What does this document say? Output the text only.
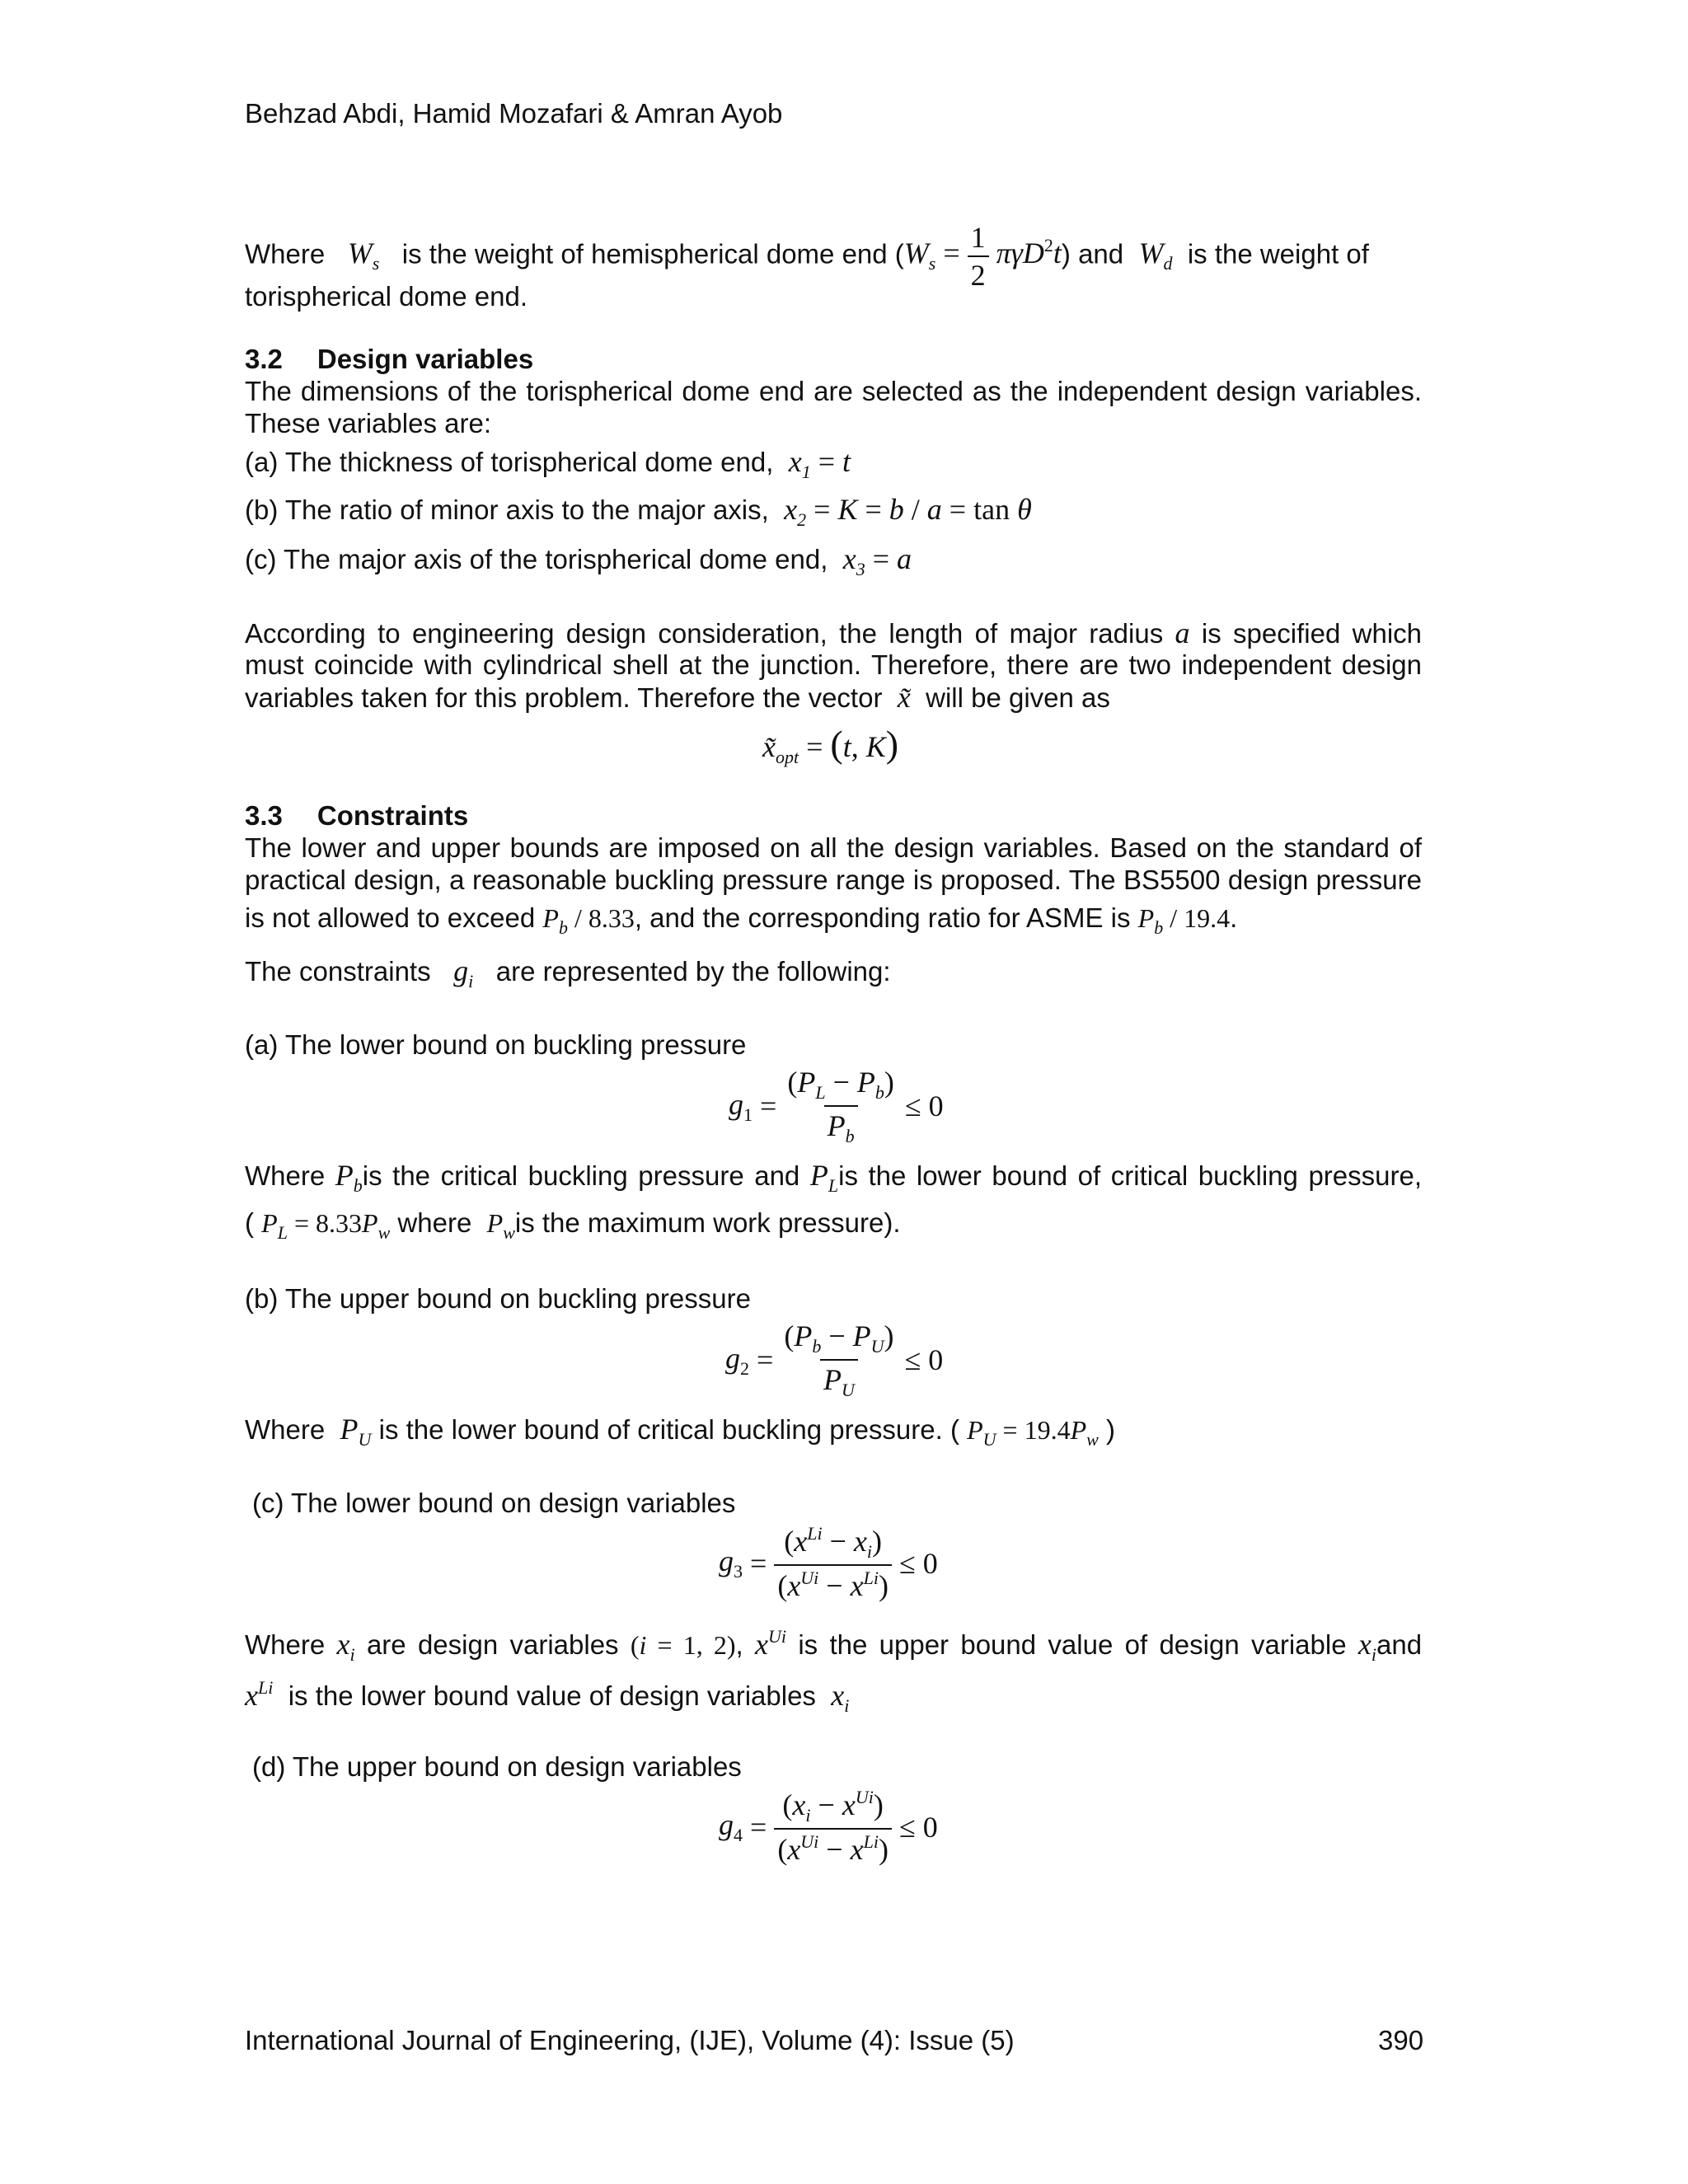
Behzad Abdi, Hamid Mozafari & Amran Ayob
Where $W_s$ is the weight of hemispherical dome end $(W_s = \frac{1}{2} \pi\gamma D^2t)$ and $W_d$ is the weight of
torispherical dome end.
3.2 Design variables
The dimensions of the torispherical dome end are selected as the independent design variables.
These variables are:
(a) The thickness of torispherical dome end, $x_1 = t$
(b) The ratio of minor axis to the major axis, $x_2 = K = b / a = \tan \theta$
(c) The major axis of the torispherical dome end, $x_3 = a$
According to engineering design consideration, the length of major radius a is specified which
must coincide with cylindrical shell at the junction. Therefore, there are two independent design
variables taken for this problem. Therefore the vector x̃ will be given as
$x̃_{opt} = (t$, K)
3.3 Constraints
The lower and upper bounds are imposed on all the design variables. Based on the standard of
practical design, a reasonable buckling pressure range is proposed. The BS5500 design pressure
is not allowed to exceed $P_b / 8.33$, and the corresponding ratio for ASME is $P_b / 19.4$.
The constraints $g_i$ are represented by the following:
(a) The lower bound on buckling pressure
$g_1$
=
$\frac{(P_L - P_b)}{P_b}$
≤ 0
Where $P_bis$ the critical buckling pressure and $P_Lis$ the lower bound of critical buckling pressure,
( $P_L = 8.33P_w$ where $P_wis$ the maximum work pressure).
(b) The upper bound on buckling pressure
$g_2$
=
$\frac{(P_b - P_U)}{P_U}$
≤ 0
Where $P_U$ is the lower bound of critical buckling pressure. ( $P_U = 19.4P_w$ )
(c) The lower bound on design variables
$g_3$
=
$\frac{(x^{Li} - x_i)}{(x^{Ui} - x^{Li})}$
≤ 0
Where $x_i$ are design variables (i = 1, 2), $x^{Ui}$ is the upper bound value of design variable $x_iand$
$x^{Li}$ is the lower bound value of design variables $x_i$
(d) The upper bound on design variables
$g_4$
=
$\frac{(x_i - x^{Ui})}{(x^{Ui} - x^{Li})}$
≤ 0
International Journal of Engineering, (IJE), Volume (4): Issue (5)	390
